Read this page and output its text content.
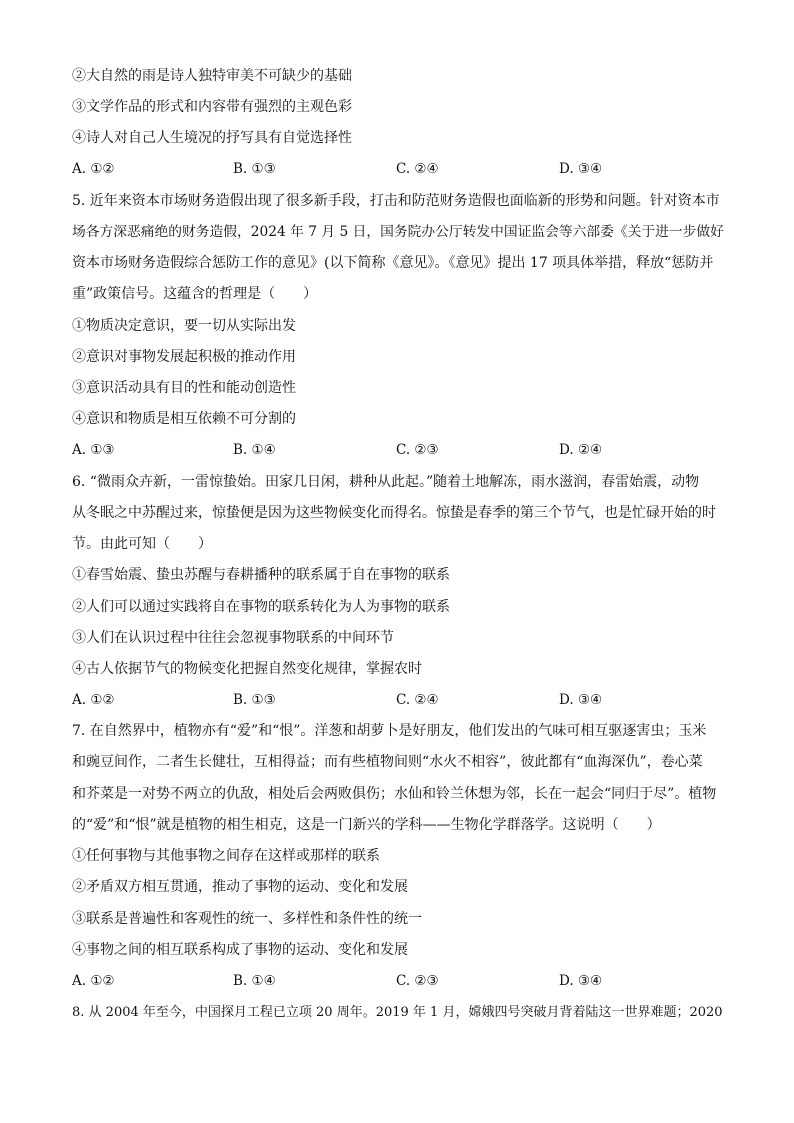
②大自然的雨是诗人独特审美不可缺少的基础
③文学作品的形式和内容带有强烈的主观色彩
④诗人对自己人生境况的抒写具有自觉选择性
A. ①②	B. ①③	C. ②④	D. ③④
5. 近年来资本市场财务造假出现了很多新手段，打击和防范财务造假也面临新的形势和问题。针对资本市
场各方深恶痛绝的财务造假，2024 年 7 月 5 日，国务院办公厅转发中国证监会等六部委《关于进一步做好
资本市场财务造假综合惩防工作的意见》(以下简称《意见》。《意见》提出 17 项具体举措，释放“惩防并
重”政策信号。这蕴含的哲理是（　　）
①物质决定意识，要一切从实际出发
②意识对事物发展起积极的推动作用
③意识活动具有目的性和能动创造性
④意识和物质是相互依赖不可分割的
A. ①③	B. ①④	C. ②③	D. ②④
6. “微雨众卉新，一雷惊蛰始。田家几日闲，耕种从此起。”随着土地解冻，雨水滋润，春雷始震，动物
从冬眠之中苏醒过来，惊蛰便是因为这些物候变化而得名。惊蛰是春季的第三个节气，也是忙碌开始的时
节。由此可知（　　）
①春雪始震、蛰虫苏醒与春耕播种的联系属于自在事物的联系
②人们可以通过实践将自在事物的联系转化为人为事物的联系
③人们在认识过程中往往会忽视事物联系的中间环节
④古人依据节气的物候变化把握自然变化规律，掌握农时
A. ①②	B. ①③	C. ②④	D. ③④
7. 在自然界中，植物亦有“爱”和“恨”。洋葱和胡萝卜是好朋友，他们发出的气味可相互驱逐害虫；玉米
和豌豆间作，二者生长健壮，互相得益；而有些植物间则“水火不相容”，彼此都有“血海深仇”，卷心菜
和芥菜是一对势不两立的仇敌，相处后会两败俱伤；水仙和铃兰休想为邻，长在一起会“同归于尽”。植物
的“爱”和“恨”就是植物的相生相克，这是一门新兴的学科——生物化学群落学。这说明（　　）
①任何事物与其他事物之间存在这样或那样的联系
②矛盾双方相互贯通，推动了事物的运动、变化和发展
③联系是普遍性和客观性的统一、多样性和条件性的统一
④事物之间的相互联系构成了事物的运动、变化和发展
A. ①②	B. ①④	C. ②③	D. ③④
8. 从 2004 年至今，中国探月工程已立项 20 周年。2019 年 1 月，嫦娥四号突破月背着陆这一世界难题；2020
